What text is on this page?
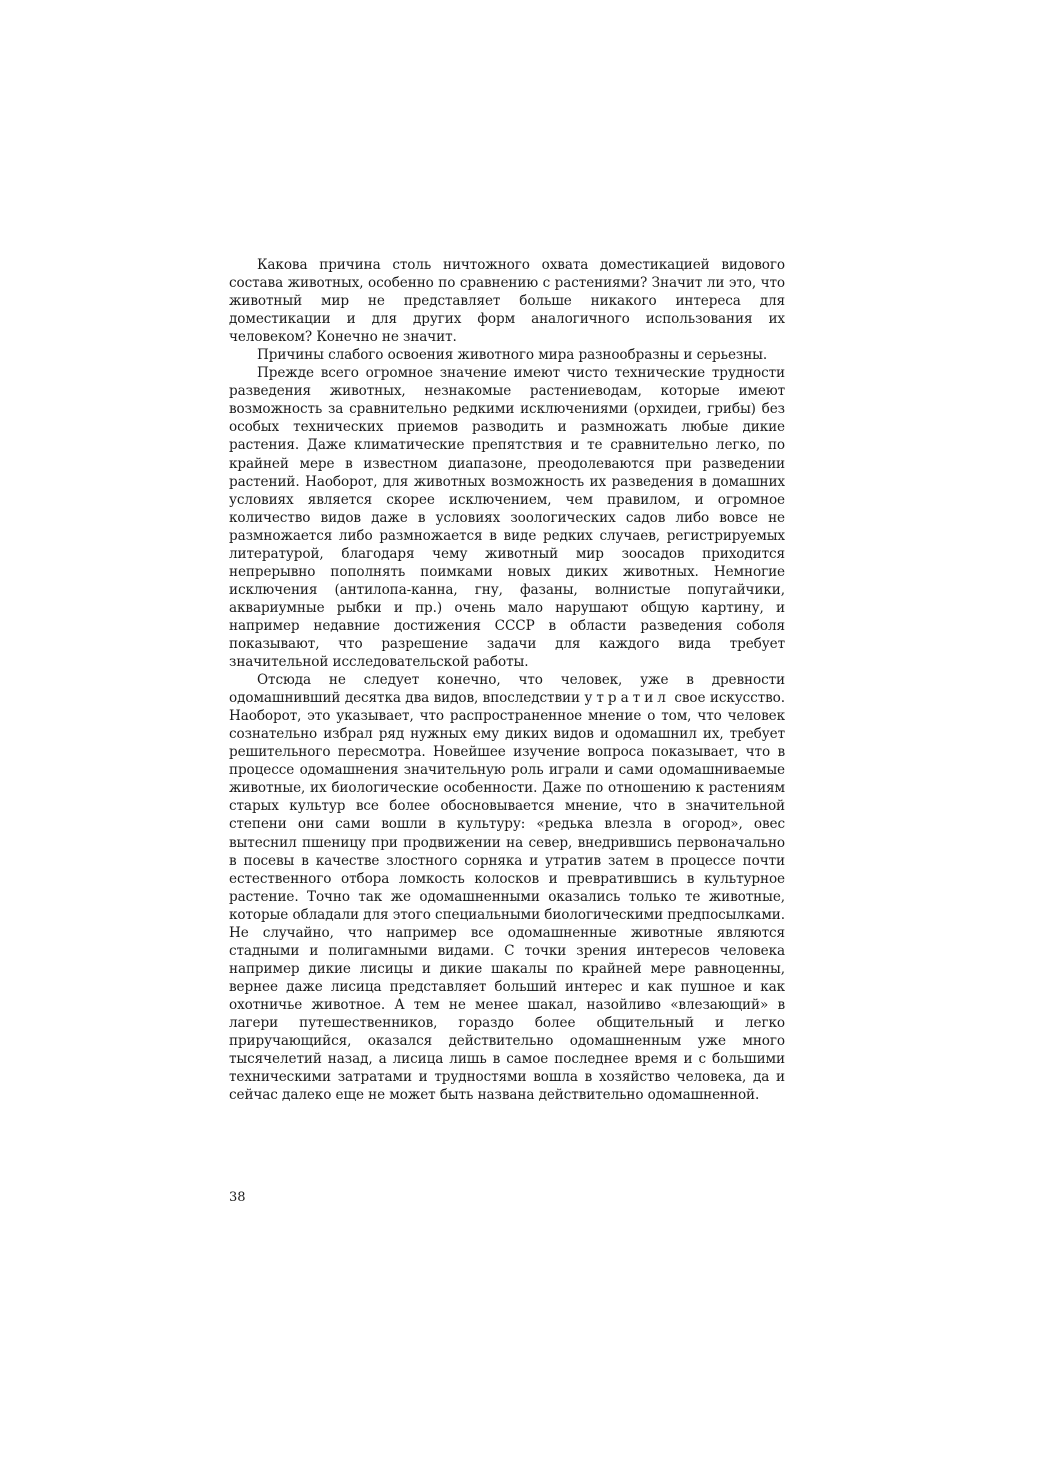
Какова причина столь ничтожного охвата доместикацией видового состава животных, особенно по сравнению с растениями? Значит ли это, что животный мир не представляет больше никакого интереса для доместикации и для других форм аналогичного использования их человеком? Конечно не значит.

Причины слабого освоения животного мира разнообразны и серьезны.

Прежде всего огромное значение имеют чисто технические трудности разведения животных, незнакомые растениеводам, которые имеют возможность за сравнительно редкими исключениями (орхидеи, грибы) без особых технических приемов разводить и размножать любые дикие растения. Даже климатические препятствия и те сравнительно легко, по крайней мере в известном диапазоне, преодолеваются при разведении растений. Наоборот, для животных возможность их разведения в домашних условиях является скорее исключением, чем правилом, и огромное количество видов даже в условиях зоологических садов либо вовсе не размножается либо размножается в виде редких случаев, регистрируемых литературой, благодаря чему животный мир зоосадов приходится непрерывно пополнять поимками новых диких животных. Немногие исключения (антилопа-канна, гну, фазаны, волнистые попугайчики, аквариумные рыбки и пр.) очень мало нарушают общую картину, и например недавние достижения СССР в области разведения соболя показывают, что разрешение задачи для каждого вида требует значительной исследовательской работы.

Отсюда не следует конечно, что человек, уже в древности одомашнивший десятка два видов, впоследствии утратил свое искусство. Наоборот, это указывает, что распространенное мнение о том, что человек сознательно избрал ряд нужных ему диких видов и одомашнил их, требует решительного пересмотра. Новейшее изучение вопроса показывает, что в процессе одомашнения значительную роль играли и сами одомашниваемые животные, их биологические особенности. Даже по отношению к растениям старых культур все более обосновывается мнение, что в значительной степени они сами вошли в культуру: «редька влезла в огород», овес вытеснил пшеницу при продвижении на север, внедрившись первоначально в посевы в качестве злостного сорняка и утратив затем в процессе почти естественного отбора ломкость колосков и превратившись в культурное растение. Точно так же одомашненными оказались только те животные, которые обладали для этого специальными биологическими предпосылками. Не случайно, что например все одомашненные животные являются стадными и полигамными видами. С точки зрения интересов человека например дикие лисицы и дикие шакалы по крайней мере равноценны, вернее даже лисица представляет больший интерес и как пушное и как охотничье животное. А тем не менее шакал, назойливо «влезающий» в лагери путешественников, гораздо более общительный и легко приручающийся, оказался действительно одомашненным уже много тысячелетий назад, а лисица лишь в самое последнее время и с большими техническими затратами и трудностями вошла в хозяйство человека, да и сейчас далеко еще не может быть названа действительно одомашненной.

38
